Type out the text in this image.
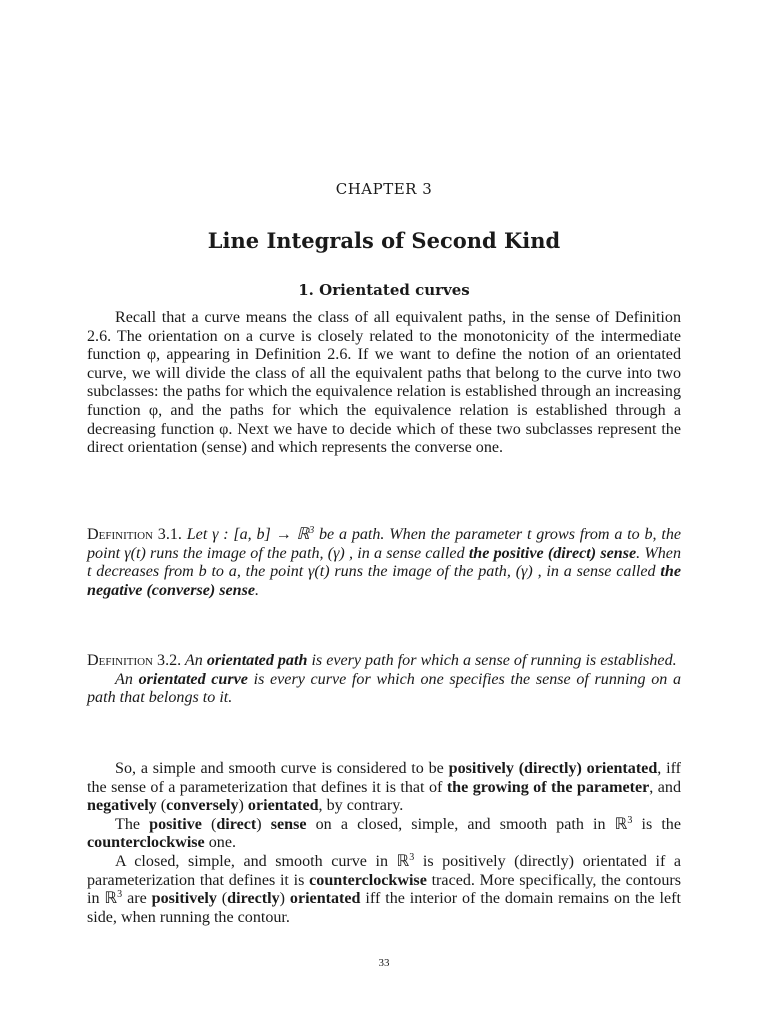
CHAPTER 3
Line Integrals of Second Kind
1. Orientated curves

Recall that a curve means the class of all equivalent paths, in the sense of Definition 2.6. The orientation on a curve is closely related to the monotonicity of the intermediate function φ, appearing in Definition 2.6. If we want to define the notion of an orientated curve, we will divide the class of all the equivalent paths that belong to the curve into two subclasses: the paths for which the equivalence relation is established through an increasing function φ, and the paths for which the equivalence relation is established through a decreasing function φ. Next we have to decide which of these two subclasses represent the direct orientation (sense) and which represents the converse one.

Definition 3.1. Let γ : [a, b] → ℝ$^3$ be a path. When the parameter t grows from a to b, the point γ(t) runs the image of the path, (γ) , in a sense called the positive (direct) sense. When t decreases from b to a, the point γ(t) runs the image of the path, (γ) , in a sense called the negative (converse) sense.

Definition 3.2. An orientated path is every path for which a sense of running is established.

An orientated curve is every curve for which one specifies the sense of running on a path that belongs to it.

So, a simple and smooth curve is considered to be positively (directly) orientated, iff the sense of a parameterization that defines it is that of the growing of the parameter, and negatively (conversely) orientated, by contrary.

The positive (direct) sense on a closed, simple, and smooth path in ℝ$^3$ is the counterclockwise one.

A closed, simple, and smooth curve in ℝ$^3$ is positively (directly) orientated if a parameterization that defines it is counterclockwise traced. More specifically, the contours in ℝ$^3$ are positively (directly) orientated iff the interior of the domain remains on the left side, when running the contour.

33
